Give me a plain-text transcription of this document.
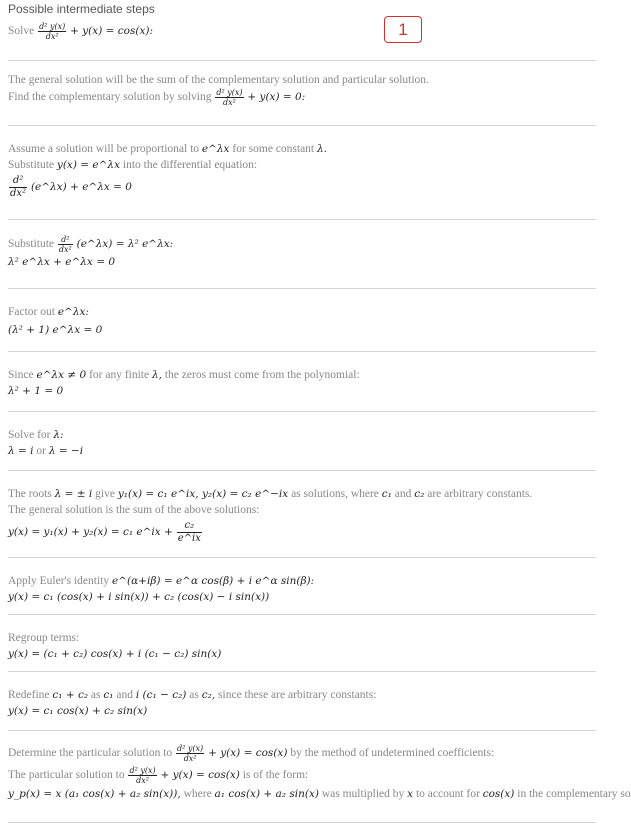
Possible intermediate steps
1
Solve $\frac{\text{d² y(x)}}{\text{dx²}} + y(x) = \cos(x)$:
The general solution will be the sum of the complementary solution and particular solution.
Find the complementary solution by solving $\frac{\text{d² y(x)}}{\text{dx²}} + y(x) = 0$:
Assume a solution will be proportional to e^λx for some constant λ.
Substitute y(x) = e^λx into the differential equation:
$\frac{\text{d²}}{\text{dx²}}$ (e^λx) + e^λx = 0
Substitute $\frac{\text{d²}}{\text{dx²}}$ (e^λx) = λ² e^λx:
λ² e^λx + e^λx = 0
Factor out e^λx:
(λ² + 1) e^λx = 0
Since e^λx ≠ 0 for any finite λ, the zeros must come from the polynomial:
λ² + 1 = 0
Solve for λ:
λ = i or λ = −i
The roots λ = ± i give y₁(x) = c₁ e^ix, y₂(x) = c₂ e^−ix as solutions, where c₁ and c₂ are arbitrary constants.
The general solution is the sum of the above solutions:
y(x) = y₁(x) + y₂(x) = c₁ e^ix + $\frac{\text{c₂}}{e\^{}ix}$
Apply Euler's identity e^(α+iβ) = e^α cos(β) + i e^α sin(β):
y(x) = c₁ (cos(x) + i sin(x)) + c₂ (cos(x) − i sin(x))
Regroup terms:
y(x) = (c₁ + c₂) cos(x) + i (c₁ − c₂) sin(x)
Redefine c₁ + c₂ as c₁ and i (c₁ − c₂) as c₂, since these are arbitrary constants:
y(x) = c₁ cos(x) + c₂ sin(x)
Determine the particular solution to $\frac{\text{d² y(x)}}{\text{dx²}} + y(x) = \cos(x)$ by the method of undetermined coefficients:
The particular solution to $\frac{\text{d² y(x)}}{\text{dx²}} + y(x) = \cos(x)$ is of the form:
y_p(x) = x (a₁ cos(x) + a₂ sin(x)), where a₁ cos(x) + a₂ sin(x) was multiplied by x to account for cos(x) in the complementary so
